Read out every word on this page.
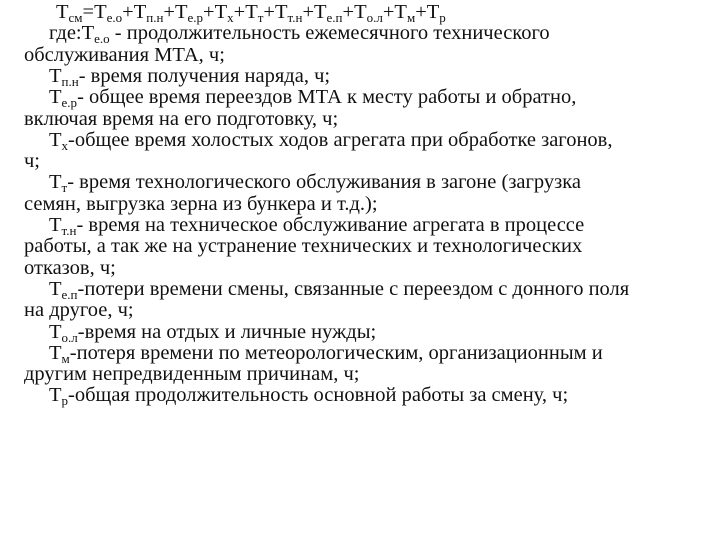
$Т_{см}=Т_{е.о}+Т_{п.н}+Т_{е.р}+Т_х+Т_т+Т_{т.н}+Т_{е.п}+Т_{о.л}+Т_м+Т_р$
$где:Т_{е.о}$ - продолжительность ежемесячного технического
обслуживания МТА, ч;
$Т_{п.н}-$ время получения наряда, ч;
$Т_{е.р}-$ общее время переездов МТА к месту работы и обратно,
включая время на его подготовку, ч;
$Т_х$-общее время холостых ходов агрегата при обработке загонов,
ч;
$Т_т-$ время технологического обслуживания в загоне (загрузка
семян, выгрузка зерна из бункера и т.д.);
$Т_{т.н}-$ время на техническое обслуживание агрегата в процессе
работы, а так же на устранение технических и технологических
отказов, ч;
$Т_{е.п}$-потери времени смены, связанные с переездом с донного поля
на другое, ч;
$Т_{о.л}$-время на отдых и личные нужды;
$Т_м$-потеря времени по метеорологическим, организационным и
другим непредвиденным причинам, ч;
$Т_р$-общая продолжительность основной работы за смену, ч;
